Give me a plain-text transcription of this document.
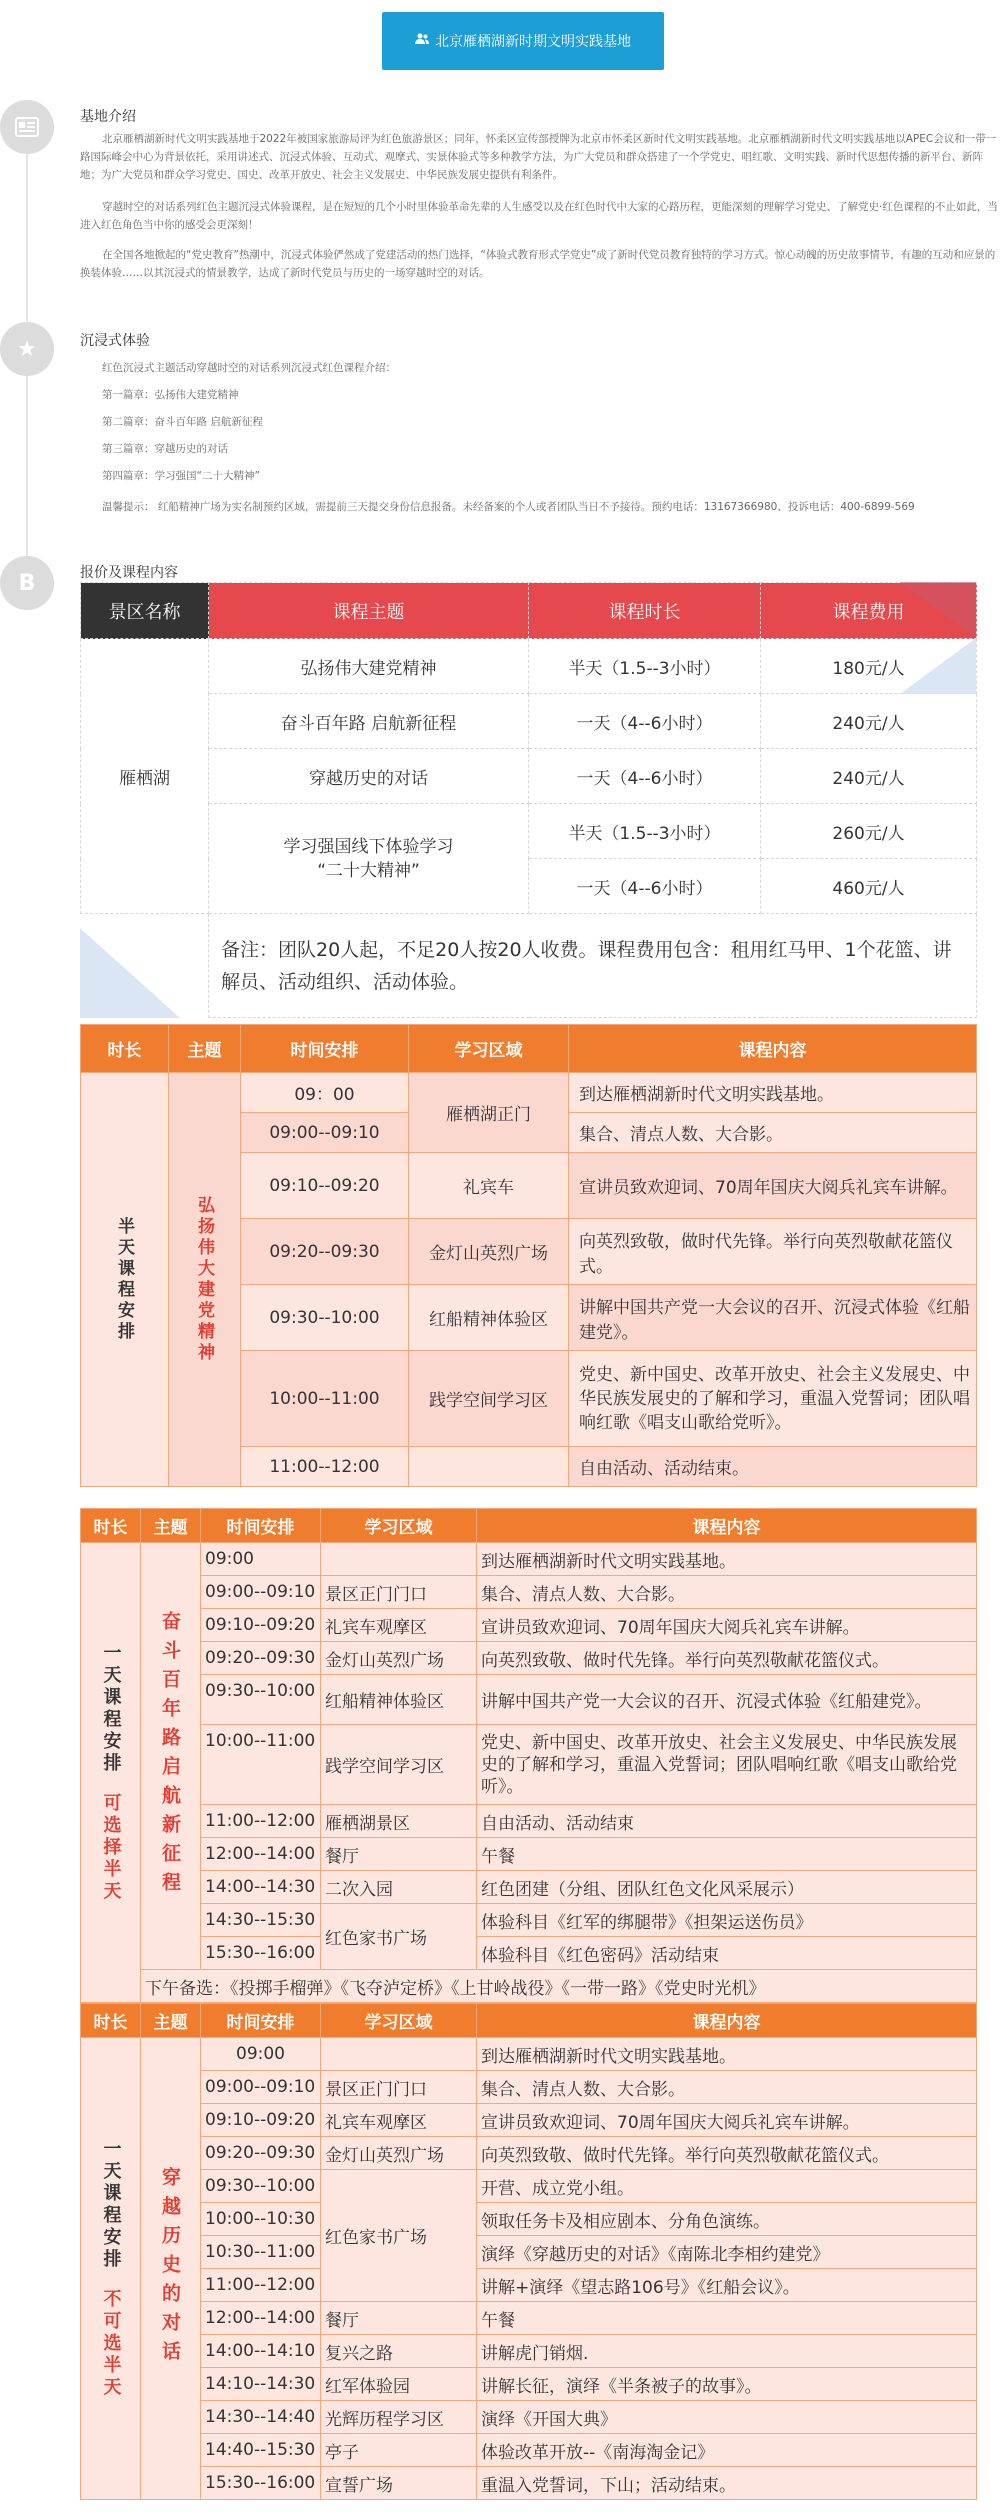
北京雁栖湖新时期文明实践基地
基地介绍
北京雁栖湖新时代文明实践基地于2022年被国家旅游局评为红色旅游景区；同年，怀柔区宣传部授牌为北京市怀柔区新时代文明实践基地。北京雁栖湖新时代文明实践基地以APEC会议和一带一路国际峰会中心为背景依托，采用讲述式、沉浸式体验、互动式、观摩式、实景体验式等多种教学方法，为广大党员和群众搭建了一个学党史、唱红歌、文明实践、新时代思想传播的新平台、新阵地；为广大党员和群众学习党史、国史、改革开放史、社会主义发展史、中华民族发展史提供有利条件。
穿越时空的对话系列红色主题沉浸式体验课程，是在短短的几个小时里体验革命先辈的人生感受以及在红色时代中大家的心路历程，更能深刻的理解学习党史、了解党史·红色课程的不止如此，当进入红色角色当中你的感受会更深刻！
在全国各地掀起的“党史教育”热潮中，沉浸式体验俨然成了党建活动的热门选择，“体验式教育形式学党史”成了新时代党员教育独特的学习方式。惊心动魄的历史故事情节，有趣的互动和应景的换装体验……以其沉浸式的情景教学，达成了新时代党员与历史的一场穿越时空的对话。
★	沉浸式体验
红色沉浸式主题活动穿越时空的对话系列沉浸式红色课程介绍：
第一篇章：弘扬伟大建党精神
第二篇章：奋斗百年路 启航新征程
第三篇章：穿越历史的对话
第四篇章：学习强国“二十大精神”
温馨提示： 红船精神广场为实名制预约区域，需提前三天提交身份信息报备。未经备案的个人或者团队当日不予接待。预约电话：13167366980、投诉电话：400-6899-569
B	报价及课程内容
景区名称	课程主题	课程时长	课程费用
雁栖湖	弘扬伟大建党精神	半天（1.5--3小时）	180元/人
	奋斗百年路 启航新征程	一天（4--6小时）	240元/人
	穿越历史的对话	一天（4--6小时）	240元/人
	学习强国线下体验学习
“二十大精神”	半天（1.5--3小时）	260元/人
		一天（4--6小时）	460元/人
	备注：团队20人起，不足20人按20人收费。课程费用包含：租用红马甲、1个花篮、讲解员、活动组织、活动体验。		
时长	主题	时间安排	学习区域	课程内容

半天课程安排	弘扬伟大建党精神	09：00	雁栖湖正门	到达雁栖湖新时代文明实践基地。
		09:00--09:10		集合、清点人数、大合影。
		09:10--09:20	礼宾车	宣讲员致欢迎词、70周年国庆大阅兵礼宾车讲解。
		09:20--09:30	金灯山英烈广场	向英烈致敬，做时代先锋。举行向英烈敬献花篮仪式。
		09:30--10:00	红船精神体验区	讲解中国共产党一大会议的召开、沉浸式体验《红船建党》。
		10:00--11:00	践学空间学习区	党史、新中国史、改革开放史、社会主义发展史、中华民族发展史的了解和学习，重温入党誓词；团队唱响红歌《唱支山歌给党听》。
		11:00--12:00		自由活动、活动结束。
时长	主题	时间安排	学习区域	课程内容

一天课程安排
可选择半天	奋斗百年路启航新征程	09:00		到达雁栖湖新时代文明实践基地。
		09:00--09:10	景区正门门口	集合、清点人数、大合影。
		09:10--09:20	礼宾车观摩区	宣讲员致欢迎词、70周年国庆大阅兵礼宾车讲解。
		09:20--09:30	金灯山英烈广场	向英烈致敬、做时代先锋。举行向英烈敬献花篮仪式。
		09:30--10:00	红船精神体验区	讲解中国共产党一大会议的召开、沉浸式体验《红船建党》。
		10:00--11:00	践学空间学习区	党史、新中国史、改革开放史、社会主义发展史、中华民族发展史的了解和学习，重温入党誓词；团队唱响红歌《唱支山歌给党听》。
		11:00--12:00	雁栖湖景区	自由活动、活动结束
		12:00--14:00	餐厅	午餐
		14:00--14:30	二次入园	红色团建（分组、团队红色文化风采展示）
		14:30--15:30	红色家书广场	体验科目《红军的绑腿带》《担架运送伤员》
		15:30--16:00		体验科目《红色密码》活动结束
	下午备选：《投掷手榴弹》《飞夺泸定桥》《上甘岭战役》《一带一路》《党史时光机》			
时长	主题	时间安排	学习区域	课程内容

一天课程安排
不可选半天	穿越历史的对话	09:00		到达雁栖湖新时代文明实践基地。
		09:00--09:10	景区正门门口	集合、清点人数、大合影。
		09:10--09:20	礼宾车观摩区	宣讲员致欢迎词、70周年国庆大阅兵礼宾车讲解。
		09:20--09:30	金灯山英烈广场	向英烈致敬、做时代先锋。举行向英烈敬献花篮仪式。
		09:30--10:00	红色家书广场	开营、成立党小组。
		10:00--10:30		领取任务卡及相应剧本、分角色演练。
		10:30--11:00		演绎《穿越历史的对话》《南陈北李相约建党》
		11:00--12:00		讲解+演绎《望志路106号》《红船会议》。
		12:00--14:00	餐厅	午餐
		14:00--14:10	复兴之路	讲解虎门销烟.
		14:10--14:30	红军体验园	讲解长征，演绎《半条被子的故事》。
		14:30--14:40	光辉历程学习区	演绎《开国大典》
		14:40--15:30	亭子	体验改革开放--《南海淘金记》
		15:30--16:00	宣誓广场	重温入党誓词，下山；活动结束。
